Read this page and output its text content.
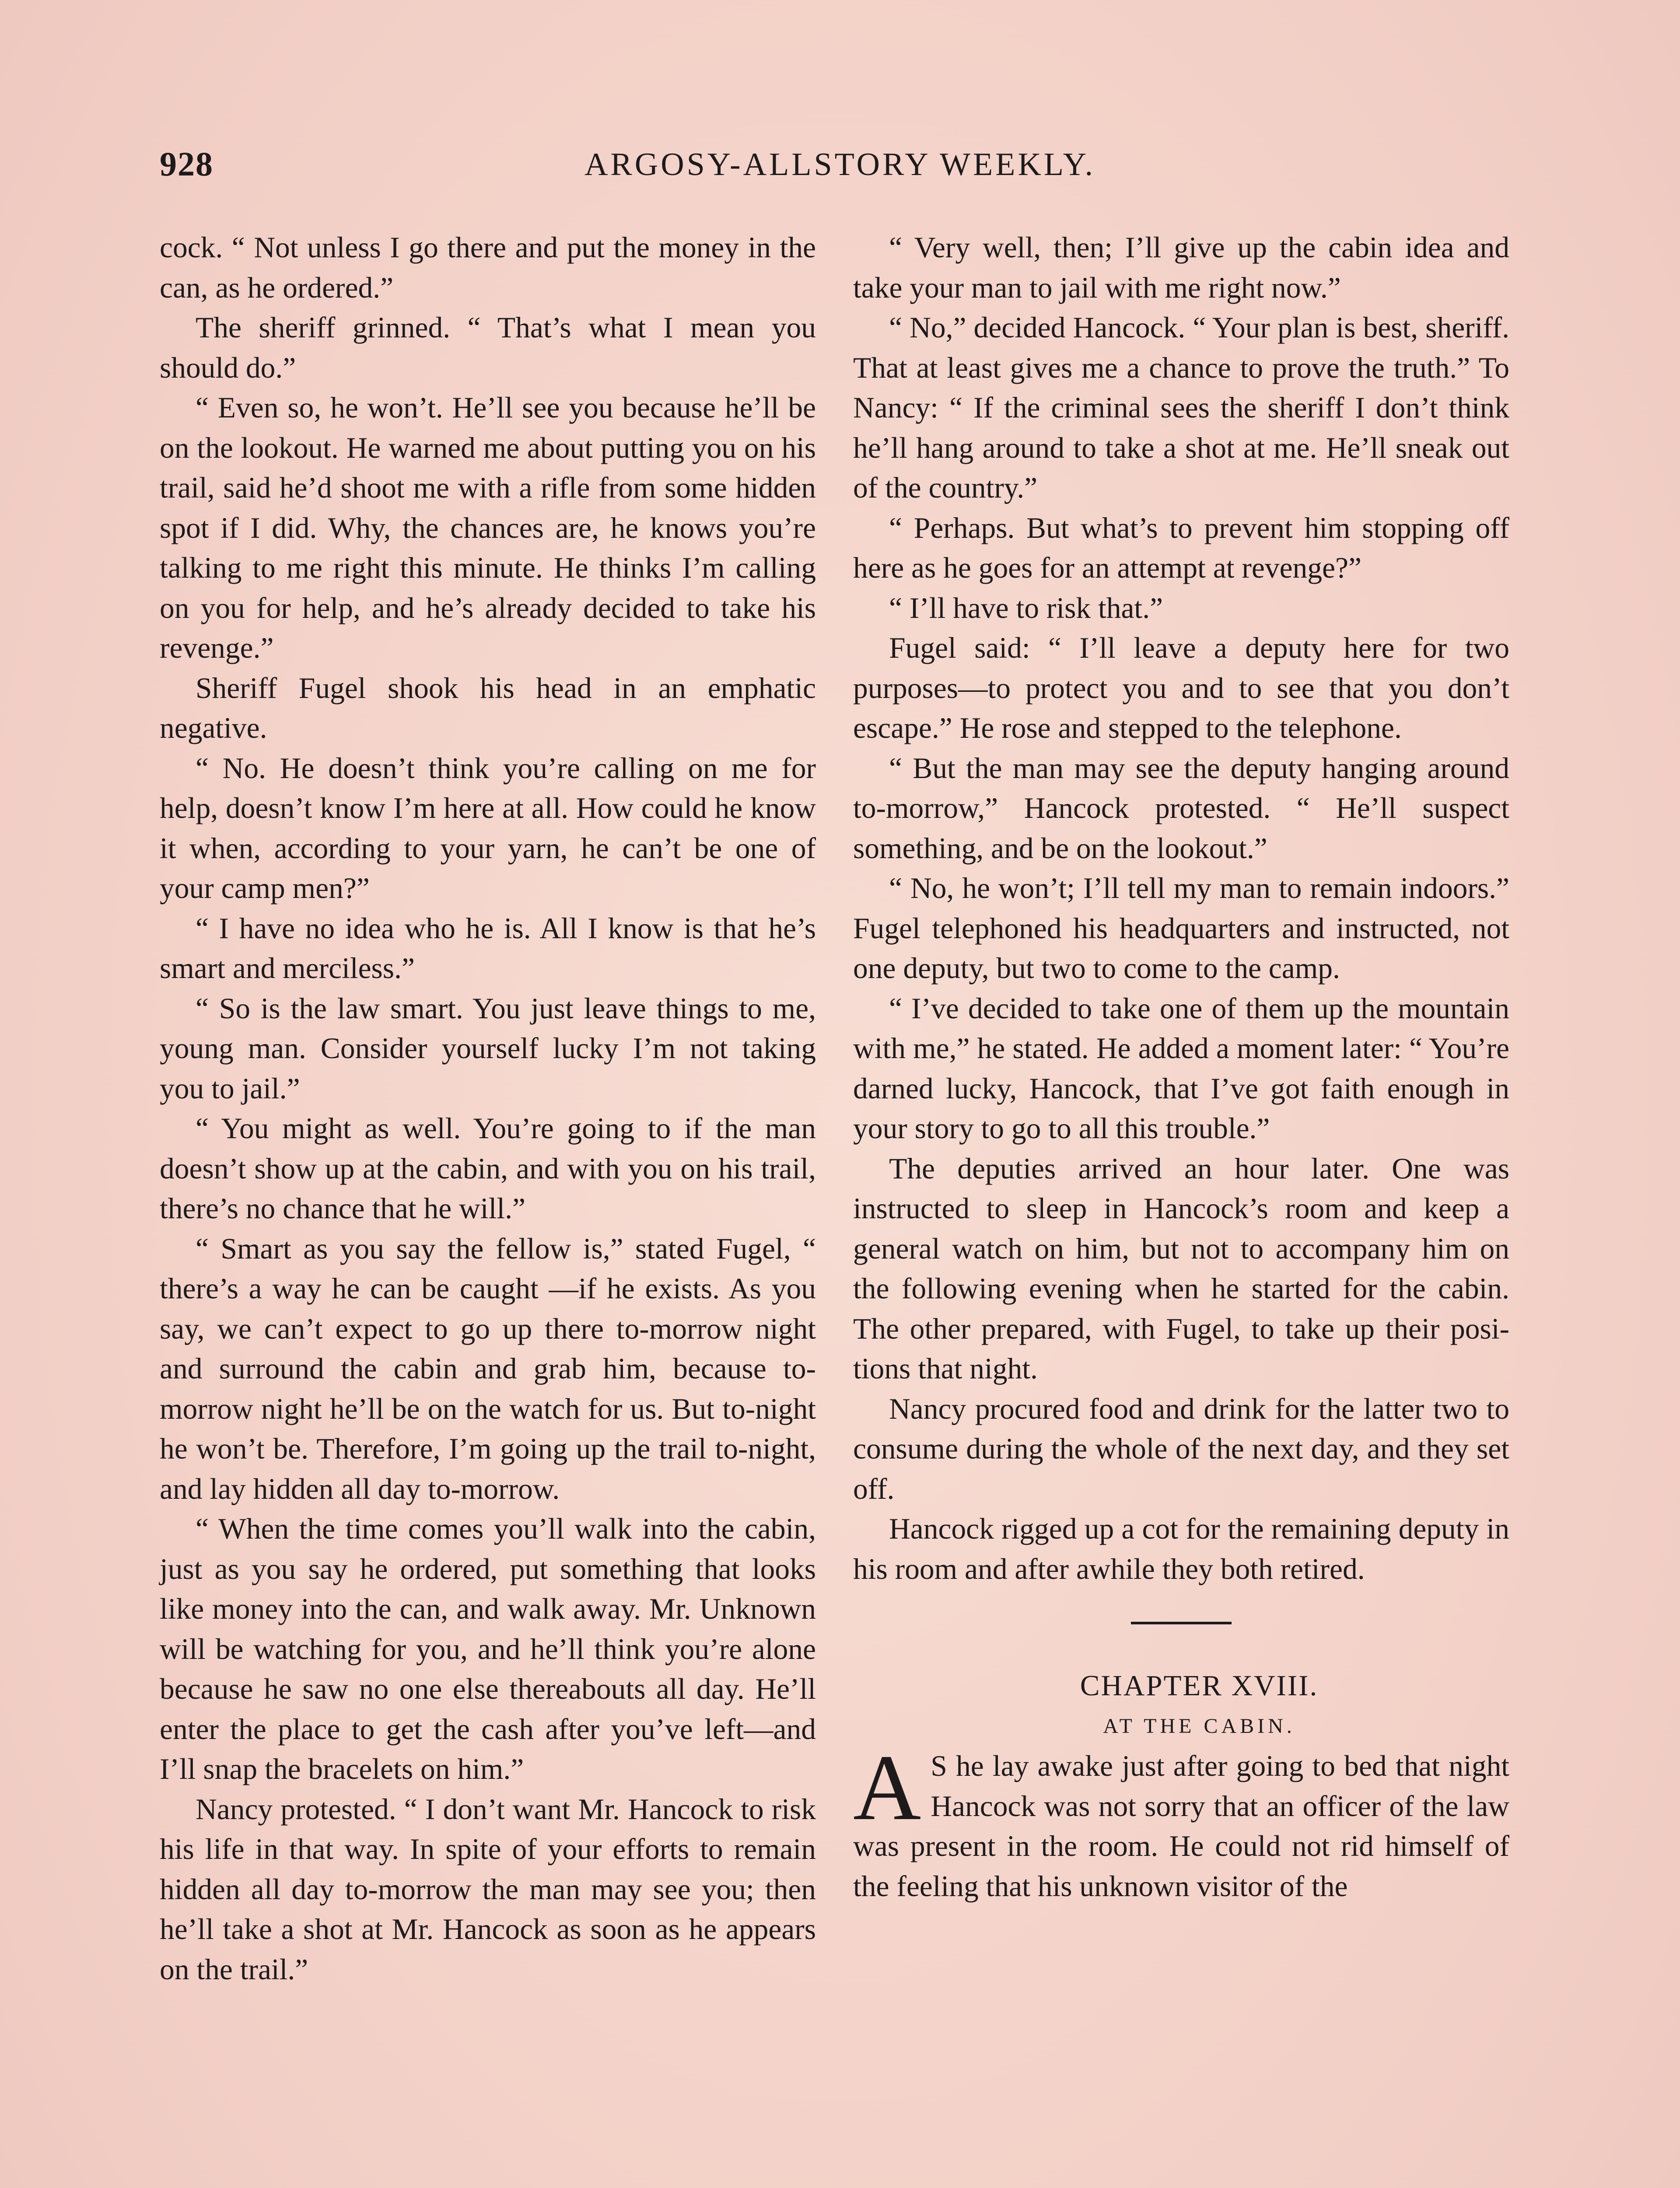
928	ARGOSY-ALLSTORY WEEKLY.

cock. “ Not unless I go there and put the money in the can, as he ordered.”

The sheriff grinned. “ That’s what I mean you should do.”

“ Even so, he won’t. He’ll see you because he’ll be on the lookout. He warned me about putting you on his trail, said he’d shoot me with a rifle from some hidden spot if I did. Why, the chances are, he knows you’re talking to me right this minute. He thinks I’m calling on you for help, and he’s already decided to take his revenge.”

Sheriff Fugel shook his head in an emphatic negative.

“ No. He doesn’t think you’re calling on me for help, doesn’t know I’m here at all. How could he know it when, according to your yarn, he can’t be one of your camp men?”

“ I have no idea who he is. All I know is that he’s smart and merciless.”

“ So is the law smart. You just leave things to me, young man. Consider yourself lucky I’m not taking you to jail.”

“ You might as well. You’re going to if the man doesn’t show up at the cabin, and with you on his trail, there’s no chance that he will.”

“ Smart as you say the fellow is,” stated Fugel, “ there’s a way he can be caught —if he exists. As you say, we can’t expect to go up there to-morrow night and surround the cabin and grab him, because to-morrow night he’ll be on the watch for us. But to-night he won’t be. Therefore, I’m going up the trail to-night, and lay hidden all day to-morrow.

“ When the time comes you’ll walk into the cabin, just as you say he ordered, put something that looks like money into the can, and walk away. Mr. Unknown will be watching for you, and he’ll think you’re alone because he saw no one else thereabouts all day. He’ll enter the place to get the cash after you’ve left—and I’ll snap the bracelets on him.”

Nancy protested. “ I don’t want Mr. Hancock to risk his life in that way. In spite of your efforts to remain hidden all day to-morrow the man may see you; then he’ll take a shot at Mr. Hancock as soon as he appears on the trail.”

“ Very well, then; I’ll give up the cabin idea and take your man to jail with me right now.”

“ No,” decided Hancock. “ Your plan is best, sheriff. That at least gives me a chance to prove the truth.” To Nancy: “ If the criminal sees the sheriff I don’t think he’ll hang around to take a shot at me. He’ll sneak out of the country.”

“ Perhaps. But what’s to prevent him stopping off here as he goes for an attempt at revenge?”

“ I’ll have to risk that.”

Fugel said: “ I’ll leave a deputy here for two purposes—to protect you and to see that you don’t escape.” He rose and stepped to the telephone.

“ But the man may see the deputy hanging around to-morrow,” Hancock protested. “ He’ll suspect something, and be on the lookout.”

“ No, he won’t; I’ll tell my man to remain indoors.” Fugel telephoned his headquarters and instructed, not one deputy, but two to come to the camp.

“ I’ve decided to take one of them up the mountain with me,” he stated. He added a moment later: “ You’re darned lucky, Hancock, that I’ve got faith enough in your story to go to all this trouble.”

The deputies arrived an hour later. One was instructed to sleep in Hancock’s room and keep a general watch on him, but not to accompany him on the following evening when he started for the cabin. The other prepared, with Fugel, to take up their positions that night.

Nancy procured food and drink for the latter two to consume during the whole of the next day, and they set off.

Hancock rigged up a cot for the remaining deputy in his room and after awhile they both retired.

CHAPTER XVIII.

AT THE CABIN.

A S he lay awake just after going to bed that night Hancock was not sorry that an officer of the law was present in the room. He could not rid himself of the feeling that his unknown visitor of the
